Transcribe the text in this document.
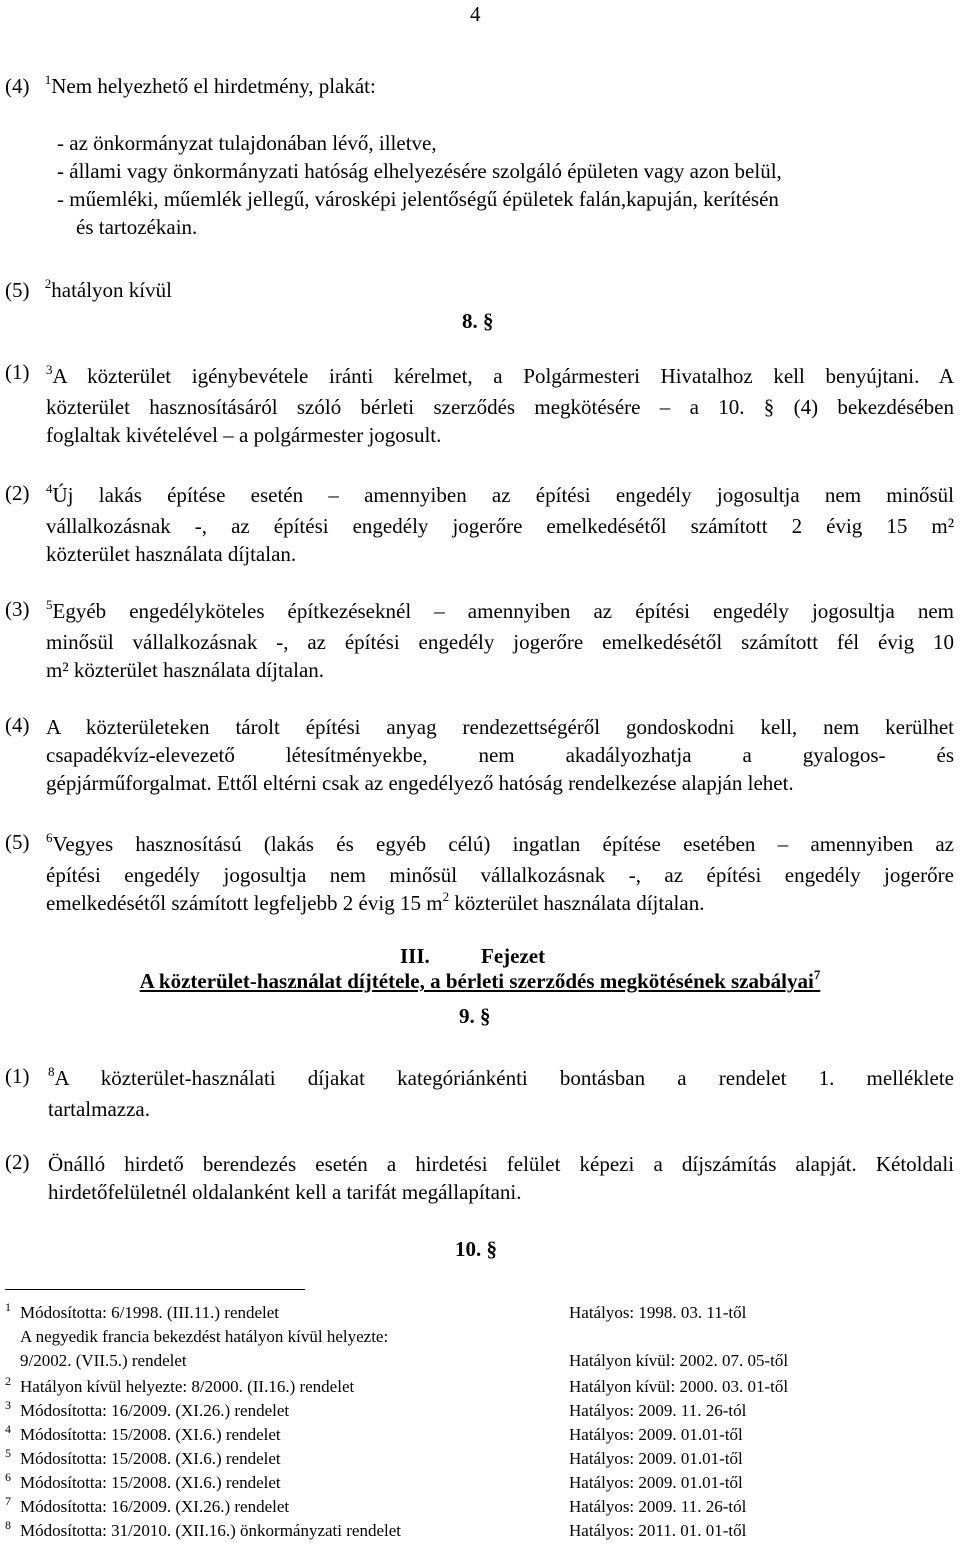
4
(4) $^1$Nem helyezhető el hirdetmény, plakát:
- az önkormányzat tulajdonában lévő, illetve,
- állami vagy önkormányzati hatóság elhelyezésére szolgáló épületen vagy azon belül,
- műemléki, műemlék jellegű, városképi jelentőségű épületek falán,kapuján, kerítésén
és tartozékain.
(5) $^2$hatályon kívül
8. §
(1) $^3$A közterület igénybevétele iránti kérelmet, a Polgármesteri Hivatalhoz kell benyújtani. A
közterület hasznosításáról szóló bérleti szerződés megkötésére – a 10. § (4) bekezdésében
foglaltak kivételével – a polgármester jogosult.
(2) $^4$Új lakás építése esetén – amennyiben az építési engedély jogosultja nem minősül
vállalkozásnak -, az építési engedély jogerőre emelkedésétől számított 2 évig 15 m²
közterület használata díjtalan.
(3) $^5$Egyéb engedélyköteles építkezéseknél – amennyiben az építési engedély jogosultja nem
minősül vállalkozásnak -, az építési engedély jogerőre emelkedésétől számított fél évig 10
m² közterület használata díjtalan.
(4) A közterületeken tárolt építési anyag rendezettségéről gondoskodni kell, nem kerülhet
csapadékvíz-elevezető létesítményekbe, nem akadályozhatja a gyalogos- és
gépjárműforgalmat. Ettől eltérni csak az engedélyező hatóság rendelkezése alapján lehet.
(5) $^6$Vegyes hasznosítású (lakás és egyéb célú) ingatlan építése esetében – amennyiben az
építési engedély jogosultja nem minősül vállalkozásnak -, az építési engedély jogerőre
emelkedésétől számított legfeljebb 2 évig 15 $m^2$ közterület használata díjtalan.
III. Fejezet
A közterület-használat díjtétele, a bérleti szerződés megkötésének szabályai$^7$
9. §
(1) $^8$A közterület-használati díjakat kategóriánkénti bontásban a rendelet 1. melléklete
tartalmazza.
(2) Önálló hirdető berendezés esetén a hirdetési felület képezi a díjszámítás alapját. Kétoldali
hirdetőfelületnél oldalanként kell a tarifát megállapítani.
10. §
$^1$ Módosította: 6/1998. (III.11.) rendelet	Hatályos: 1998. 03. 11-től
A negyedik francia bekezdést hatályon kívül helyezte:
9/2002. (VII.5.) rendelet	Hatályon kívül: 2002. 07. 05-től
$^2$ Hatályon kívül helyezte: 8/2000. (II.16.) rendelet	Hatályon kívül: 2000. 03. 01-től
$^3$ Módosította: 16/2009. (XI.26.) rendelet	Hatályos: 2009. 11. 26-tól
$^4$ Módosította: 15/2008. (XI.6.) rendelet	Hatályos: 2009. 01.01-től
$^5$ Módosította: 15/2008. (XI.6.) rendelet	Hatályos: 2009. 01.01-től
$^6$ Módosította: 15/2008. (XI.6.) rendelet	Hatályos: 2009. 01.01-től
$^7$ Módosította: 16/2009. (XI.26.) rendelet	Hatályos: 2009. 11. 26-tól
$^8$ Módosította: 31/2010. (XII.16.) önkormányzati rendelet	Hatályos: 2011. 01. 01-től
